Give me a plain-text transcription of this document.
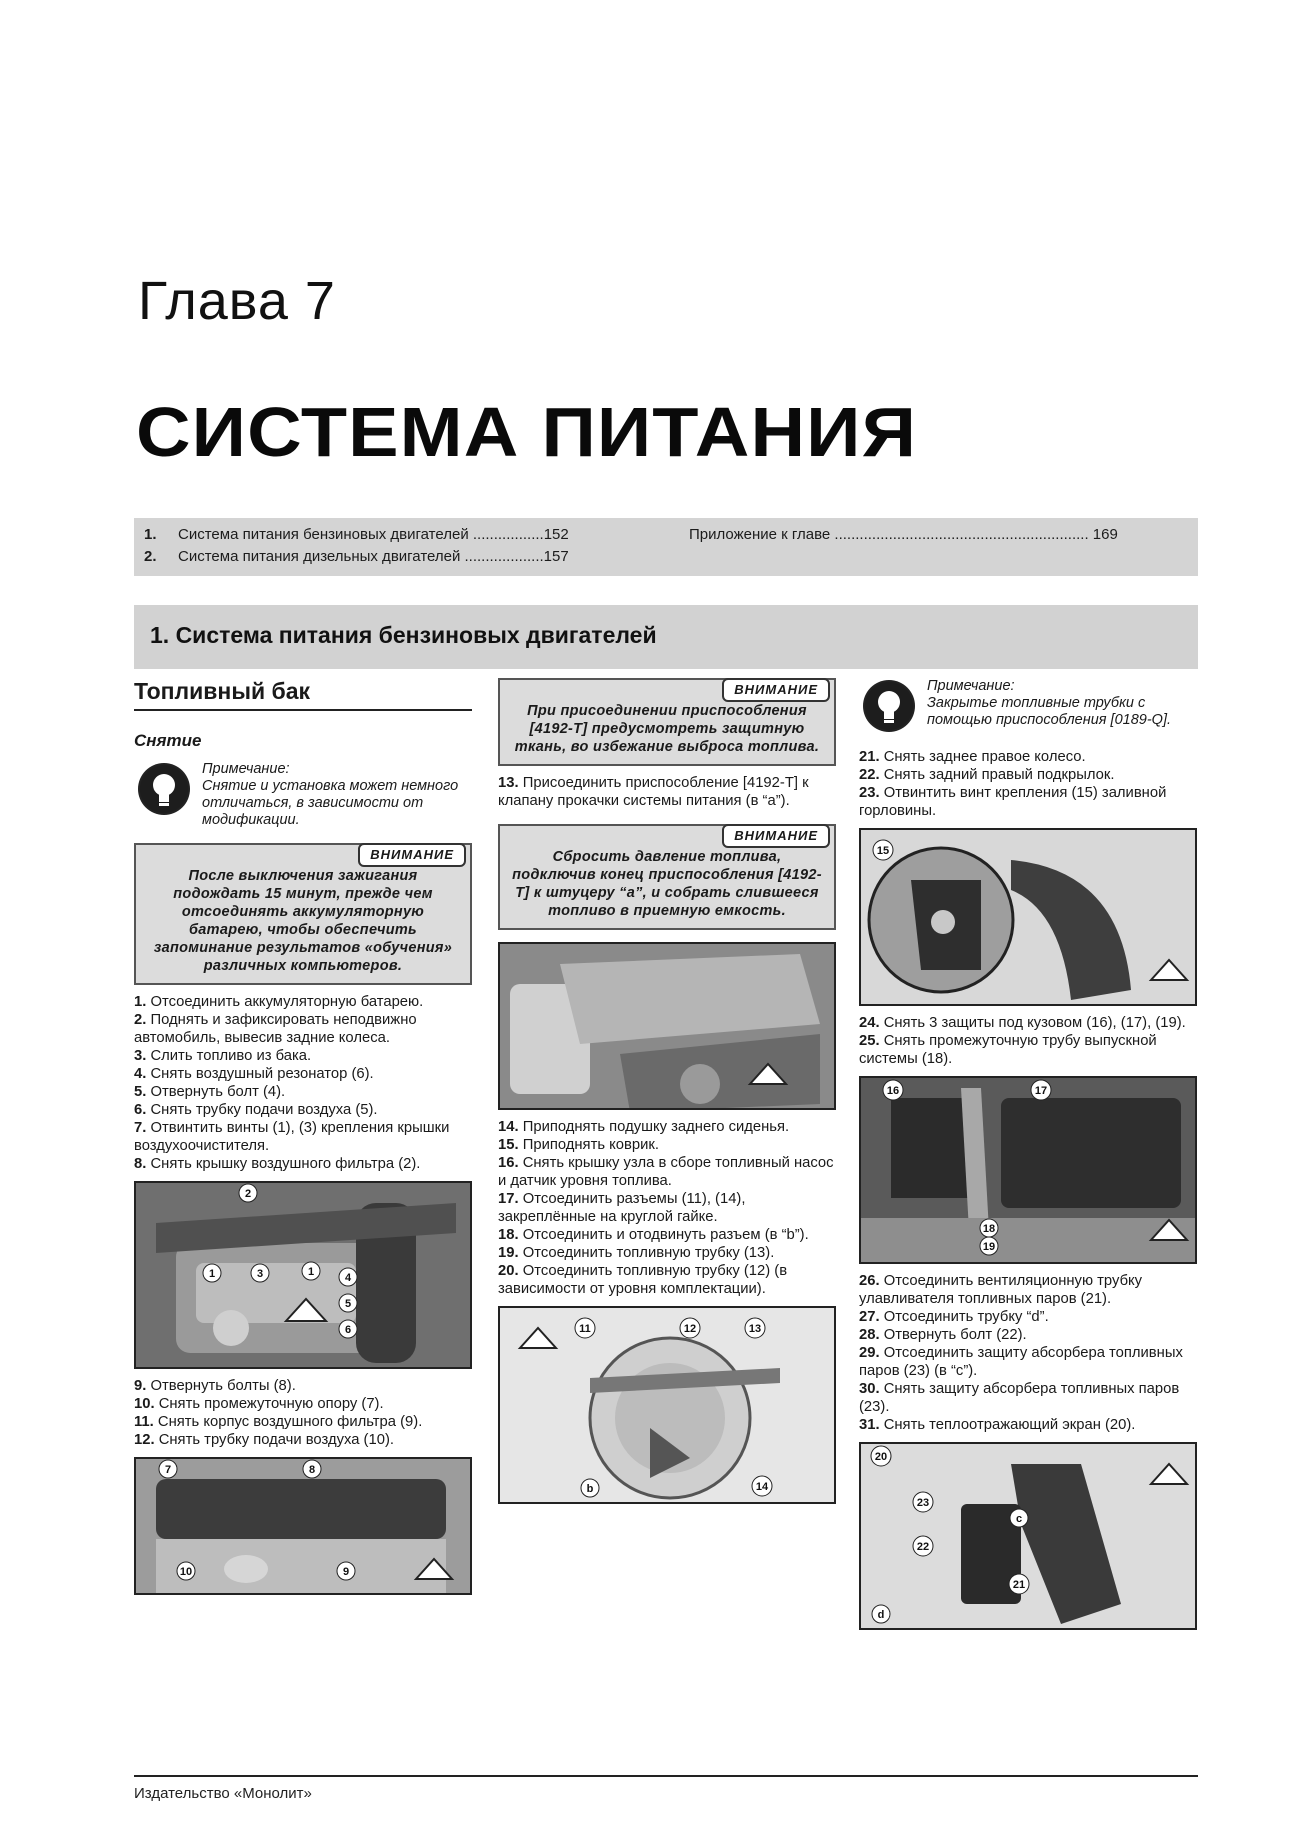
Глава 7
СИСТЕМА ПИТАНИЯ
1. Система питания бензиновых двигателей .................152
2. Система питания дизельных двигателей ...................157
Приложение к главе ............................................................. 169
1. Система питания бензиновых двигателей
Топливный бак
Снятие
Примечание:
Снятие и установка может немного отличаться, в зависимости от модификации.
ВНИМАНИЕ
После выключения зажигания подождать 15 минут, прежде чем отсоединять аккумуляторную батарею, чтобы обеспечить запоминание результатов «обучения» различных компьютеров.
1. Отсоединить аккумуляторную батарею.
2. Поднять и зафиксировать неподвижно автомобиль, вывесив задние колеса.
3. Слить топливо из бака.
4. Снять воздушный резонатор (6).
5. Отвернуть болт (4).
6. Снять трубку подачи воздуха (5).
7. Отвинтить винты (1), (3) крепления крышки воздухоочистителя.
8. Снять крышку воздушного фильтра (2).
2
1	3	1	4
5
6
9. Отвернуть болты (8).
10. Снять промежуточную опору (7).
11. Снять корпус воздушного фильтра (9).
12. Снять трубку подачи воздуха (10).
7	8
10	9
ВНИМАНИЕ
При присоединении приспособления [4192-T] предусмотреть защитную ткань, во избежание выброса топлива.
13. Присоединить приспособление [4192-T] к клапану прокачки системы питания (в “а”).
ВНИМАНИЕ
Сбросить давление топлива, подключив конец приспособления [4192-T] к штуцеру “а”, и собрать слившееся топливо в приемную емкость.
14. Приподнять подушку заднего сиденья.
15. Приподнять коврик.
16. Снять крышку узла в сборе топливный насос и датчик уровня топлива.
17. Отсоединить разъемы (11), (14), закреплённые на круглой гайке.
18. Отсоединить и отодвинуть разъем (в “b”).
19. Отсоединить топливную трубку (13).
20. Отсоединить топливную трубку (12) (в зависимости от уровня комплектации).
11	12	13
b	14
Примечание:
Закрытье топливные трубки с помощью приспособления [0189-Q].
21. Снять заднее правое колесо.
22. Снять задний правый подкрылок.
23. Отвинтить винт крепления (15) заливной горловины.
15
24. Снять 3 защиты под кузовом (16), (17), (19).
25. Снять промежуточную трубу выпускной системы (18).
16	17
18
19
26. Отсоединить вентиляционную трубку улавливателя топливных паров (21).
27. Отсоединить трубку “d”.
28. Отвернуть болт (22).
29. Отсоединить защиту абсорбера топливных паров (23) (в “с”).
30. Снять защиту абсорбера топливных паров (23).
31. Снять теплоотражающий экран (20).
20
23
22
c
21
d
Издательство «Монолит»
